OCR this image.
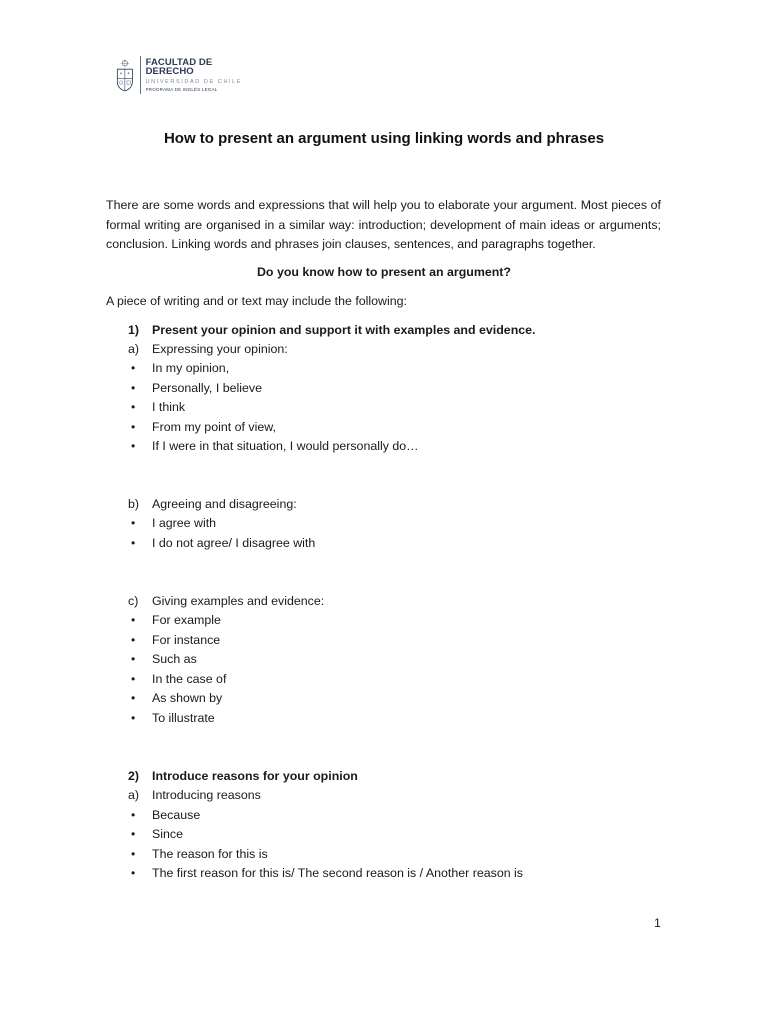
FACULTAD DE DERECHO
UNIVERSIDAD DE CHILE
PROGRAMA DE INGLÉS LEGAL
How to present an argument using linking words and phrases
There are some words and expressions that will help you to elaborate your argument. Most pieces of formal writing are organised in a similar way: introduction; development of main ideas or arguments; conclusion. Linking words and phrases join clauses, sentences, and paragraphs together.
Do you know how to present an argument?
A piece of writing and or text may include the following:
1) Present your opinion and support it with examples and evidence.
a) Expressing your opinion:
• In my opinion,
• Personally, I believe
• I think
• From my point of view,
• If I were in that situation, I would personally do…
b) Agreeing and disagreeing:
• I agree with
• I do not agree/ I disagree with
c) Giving examples and evidence:
• For example
• For instance
• Such as
• In the case of
• As shown by
• To illustrate
2) Introduce reasons for your opinion
a) Introducing reasons
• Because
• Since
• The reason for this is
• The first reason for this is/ The second reason is / Another reason is
1
